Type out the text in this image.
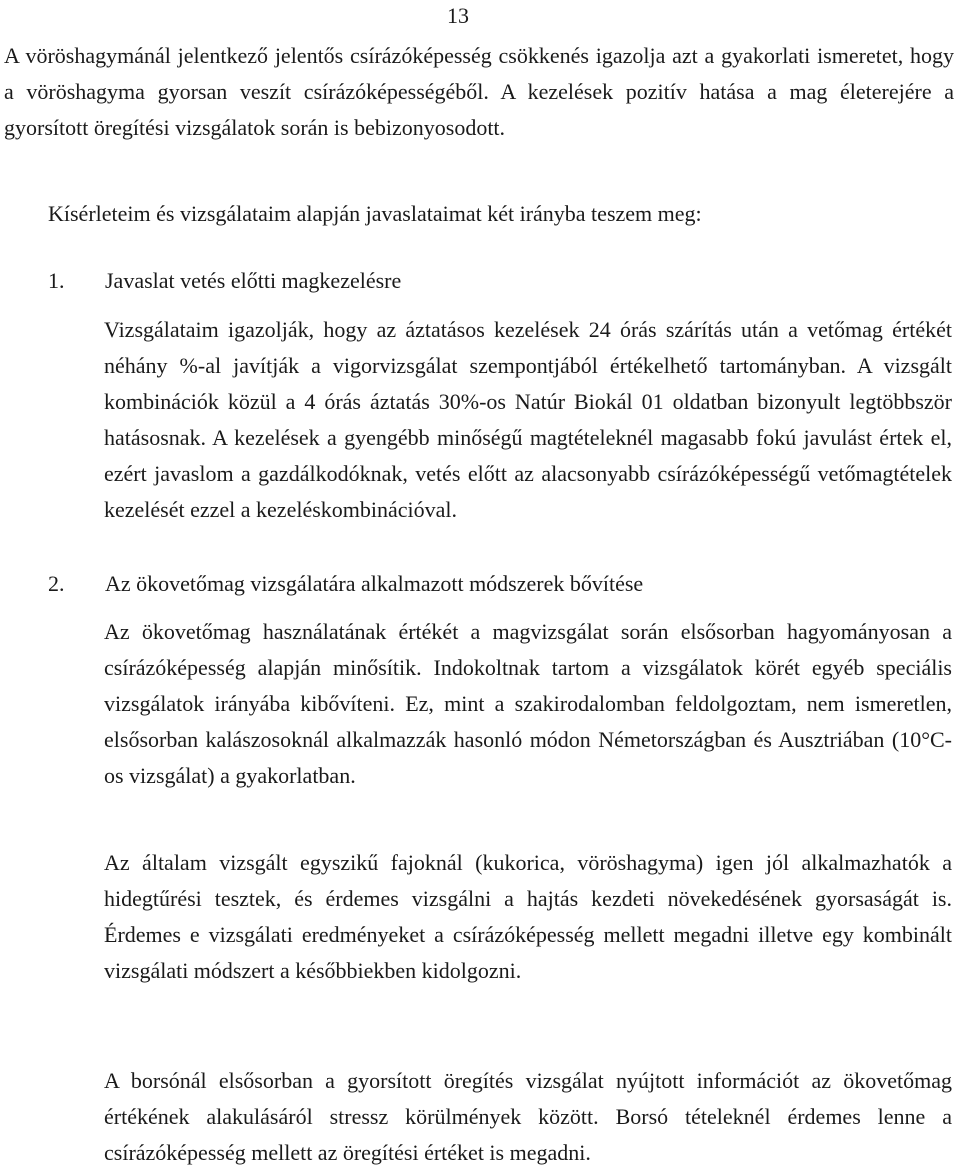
13

A vöröshagymánál jelentkező jelentős csírázóképesség csökkenés igazolja azt a gyakorlati ismeretet, hogy a vöröshagyma gyorsan veszít csírázóképességéből. A kezelések pozitív hatása a mag életerejére a gyorsított öregítési vizsgálatok során is bebizonyosodott.

Kísérleteim és vizsgálataim alapján javaslataimat két irányba teszem meg:

1. Javaslat vetés előtti magkezelésre

Vizsgálataim igazolják, hogy az áztatásos kezelések 24 órás szárítás után a vetőmag értékét néhány %-al javítják a vigorvizsgálat szempontjából értékelhető tartományban. A vizsgált kombinációk közül a 4 órás áztatás 30%-os Natúr Biokál 01 oldatban bizonyult legtöbbször hatásosnak. A kezelések a gyengébb minőségű magtételeknél magasabb fokú javulást értek el, ezért javaslom a gazdálkodóknak, vetés előtt az alacsonyabb csírázóképességű vetőmagtételek kezelését ezzel a kezeléskombinációval.

2. Az ökovetőmag vizsgálatára alkalmazott módszerek bővítése

Az ökovetőmag használatának értékét a magvizsgálat során elsősorban hagyományosan a csírázóképesség alapján minősítik. Indokoltnak tartom a vizsgálatok körét egyéb speciális vizsgálatok irányába kibővíteni. Ez, mint a szakirodalomban feldolgoztam, nem ismeretlen, elsősorban kalászosoknál alkalmazzák hasonló módon Németországban és Ausztriában (10°C-os vizsgálat) a gyakorlatban.

Az általam vizsgált egyszikű fajoknál (kukorica, vöröshagyma) igen jól alkalmazhatók a hidegtűrési tesztek, és érdemes vizsgálni a hajtás kezdeti növekedésének gyorsaságát is. Érdemes e vizsgálati eredményeket a csírázóképesség mellett megadni illetve egy kombinált vizsgálati módszert a későbbiekben kidolgozni.

A borsónál elsősorban a gyorsított öregítés vizsgálat nyújtott információt az ökovetőmag értékének alakulásáról stressz körülmények között. Borsó tételeknél érdemes lenne a csírázóképesség mellett az öregítési értéket is megadni.
